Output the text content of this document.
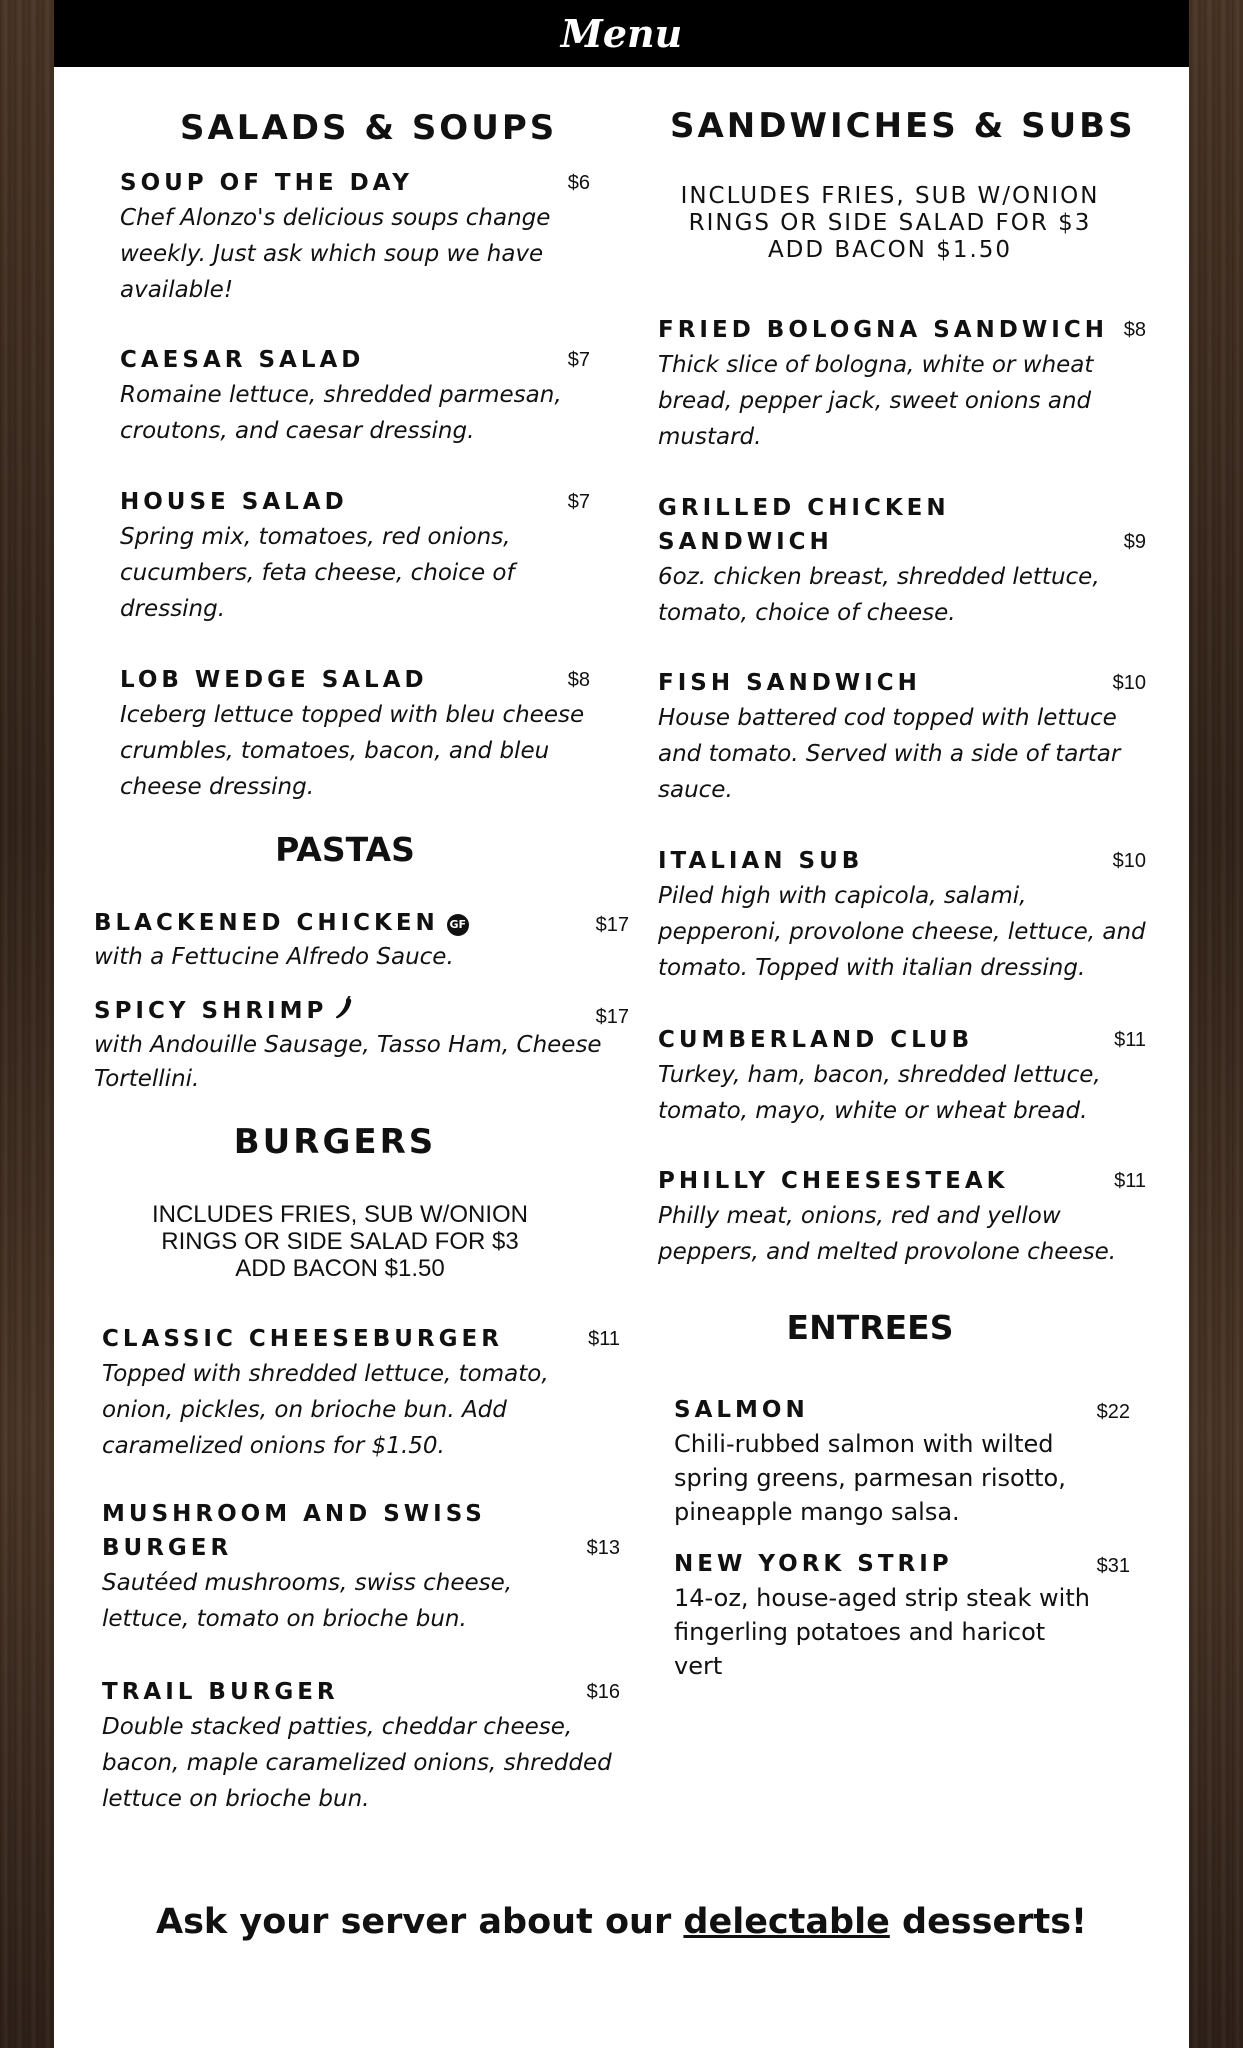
Menu
SALADS & SOUPS
$6
SOUP OF THE DAY
Chef Alonzo's delicious soups change weekly. Just ask which soup we have available!
$7
CAESAR SALAD
Romaine lettuce, shredded parmesan, croutons, and caesar dressing.
$7
HOUSE SALAD
Spring mix, tomatoes, red onions, cucumbers, feta cheese, choice of dressing.
$8
LOB WEDGE SALAD
Iceberg lettuce topped with bleu cheese crumbles, tomatoes, bacon, and bleu cheese dressing.
PASTAS
$17
BLACKENED CHICKEN GF
with a Fettucine Alfredo Sauce.
$17
SPICY SHRIMP
with Andouille Sausage, Tasso Ham, Cheese Tortellini.
BURGERS
INCLUDES FRIES, SUB W/ONION
RINGS OR SIDE SALAD FOR $3
ADD BACON $1.50
$11
CLASSIC CHEESEBURGER
Topped with shredded lettuce, tomato, onion, pickles, on brioche bun. Add caramelized onions for $1.50.
$13
MUSHROOM AND SWISS
BURGER
Sautéed mushrooms, swiss cheese, lettuce, tomato on brioche bun.
$16
TRAIL BURGER
Double stacked patties, cheddar cheese, bacon, maple caramelized onions, shredded lettuce on brioche bun.
SANDWICHES & SUBS
INCLUDES FRIES, SUB W/ONION
RINGS OR SIDE SALAD FOR $3
ADD BACON $1.50
$8
FRIED BOLOGNA SANDWICH
Thick slice of bologna, white or wheat bread, pepper jack, sweet onions and mustard.
$9
GRILLED CHICKEN
SANDWICH
6oz. chicken breast, shredded lettuce, tomato, choice of cheese.
$10
FISH SANDWICH
House battered cod topped with lettuce and tomato. Served with a side of tartar sauce.
$10
ITALIAN SUB
Piled high with capicola, salami, pepperoni, provolone cheese, lettuce, and tomato. Topped with italian dressing.
$11
CUMBERLAND CLUB
Turkey, ham, bacon, shredded lettuce, tomato, mayo, white or wheat bread.
$11
PHILLY CHEESESTEAK
Philly meat, onions, red and yellow peppers, and melted provolone cheese.
ENTREES
$22
SALMON
Chili-rubbed salmon with wilted spring greens, parmesan risotto, pineapple mango salsa.
$31
NEW YORK STRIP
14-oz, house-aged strip steak with fingerling potatoes and haricot vert
Ask your server about our delectable desserts!
